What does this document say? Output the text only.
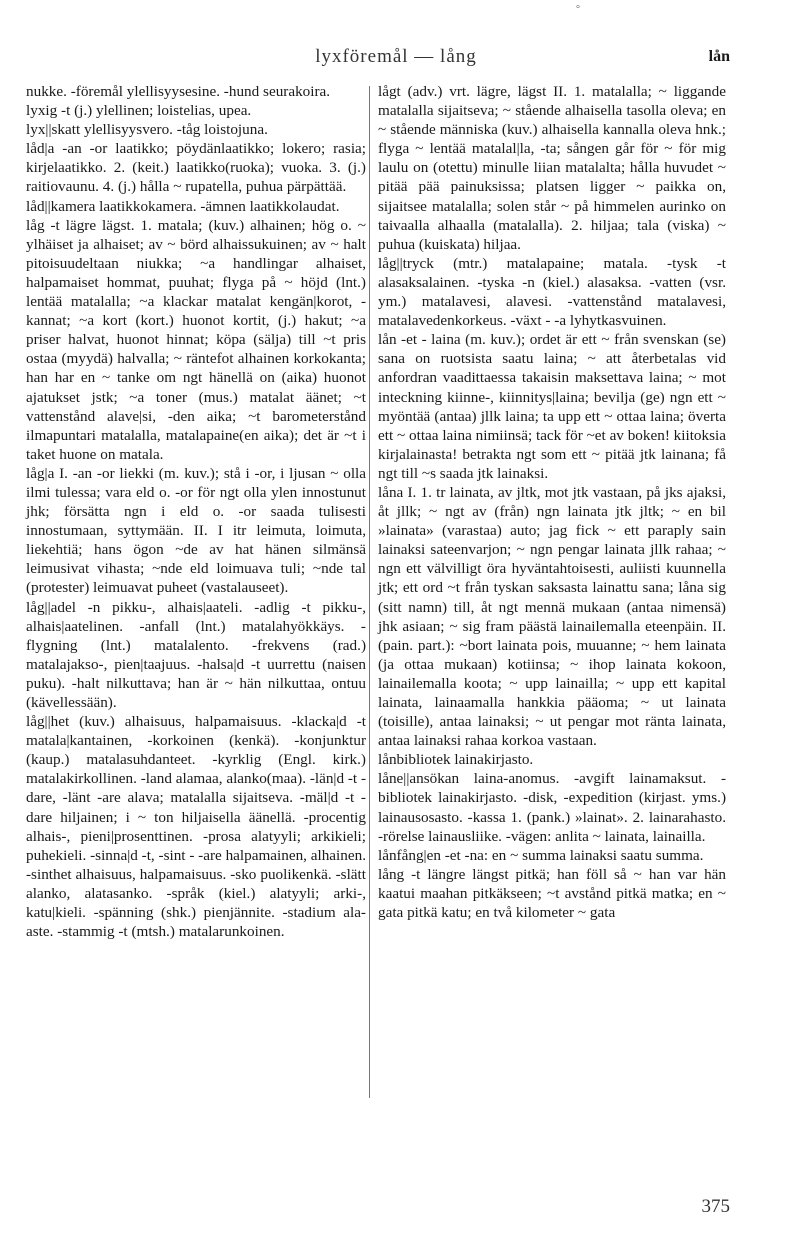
lyxföremål — lång	lån
°

nukke. -föremål ylellisyysesine. -hund seurakoira.

lyxig -t (j.) ylellinen; loistelias, upea.

lyx||skatt ylellisyysvero. -tåg loistojuna.

låd|a -an -or laatikko; pöydänlaatikko; lokero; rasia; kirjelaatikko. 2. (keit.) laatikko(ruoka); vuoka. 3. (j.) raitiovaunu. 4. (j.) hålla ~ rupatella, puhua pärpättää.

låd||kamera laatikkokamera. -ämnen laatikkolaudat.

låg -t lägre lägst. 1. matala; (kuv.) alhainen; hög o. ~ ylhäiset ja alhaiset; av ~ börd alhaissukuinen; av ~ halt pitoisuudeltaan niukka; ~a handlingar alhaiset, halpamaiset hommat, puuhat; flyga på ~ höjd (lnt.) lentää matalalla; ~a klackar matalat kengän|korot, -kannat; ~a kort (kort.) huonot kortit, (j.) hakut; ~a priser halvat, huonot hinnat; köpa (sälja) till ~t pris ostaa (myydä) halvalla; ~ räntefot alhainen korkokanta; han har en ~ tanke om ngt hänellä on (aika) huonot ajatukset jstk; ~a toner (mus.) matalat äänet; ~t vattenstånd alave|si, -den aika; ~t barometerstånd ilmapuntari matalalla, matalapaine(en aika); det är ~t i taket huone on matala.

låg|a I. -an -or liekki (m. kuv.); stå i -or, i ljusan ~ olla ilmi tulessa; vara eld o. -or för ngt olla ylen innostunut jhk; försätta ngn i eld o. -or saada tulisesti innostumaan, syttymään. II. I itr leimuta, loimuta, liekehtiä; hans ögon ~de av hat hänen silmänsä leimusivat vihasta; ~nde eld loimuava tuli; ~nde tal (protester) leimuavat puheet (vastalauseet).

låg||adel -n pikku-, alhais|aateli. -adlig -t pikku-, alhais|aatelinen. -anfall (lnt.) matalahyökkäys. -flygning (lnt.) matalalento. -frekvens (rad.) matalajakso-, pien|taajuus. -halsa|d -t uurrettu (naisen puku). -halt nilkuttava; han är ~ hän nilkuttaa, ontuu (kävellessään).

låg||het (kuv.) alhaisuus, halpamaisuus. -klacka|d -t matala|kantainen, -korkoinen (kenkä). -konjunktur (kaup.) matalasuhdanteet. -kyrklig (Engl. kirk.) matalakirkollinen. -land alamaa, alanko(maa). -län|d -t -dare, -länt -are alava; matalalla sijaitseva. -mäl|d -t -dare hiljainen; i ~ ton hiljaisella äänellä. -procentig alhais-, pieni|prosenttinen. -prosa alatyyli; arkikieli; puhekieli. -sinna|d -t, -sint - -are halpamainen, alhainen. -sinthet alhaisuus, halpamaisuus. -sko puolikenkä. -slätt alanko, alatasanko. -språk (kiel.) alatyyli; arki-, katu|kieli. -spänning (shk.) pienjännite. -stadium ala-aste. -stammig -t (mtsh.) matalarunkoinen.

lågt (adv.) vrt. lägre, lägst II. 1. matalalla; ~ liggande matalalla sijaitseva; ~ stående alhaisella tasolla oleva; en ~ stående människa (kuv.) alhaisella kannalla oleva hnk.; flyga ~ lentää matalal|la, -ta; sången går för ~ för mig laulu on (otettu) minulle liian matalalta; hålla huvudet ~ pitää pää painuksissa; platsen ligger ~ paikka on, sijaitsee matalalla; solen står ~ på himmelen aurinko on taivaalla alhaalla (matalalla). 2. hiljaa; tala (viska) ~ puhua (kuiskata) hiljaa.

låg||tryck (mtr.) matalapaine; matala. -tysk -t alasaksalainen. -tyska -n (kiel.) alasaksa. -vatten (vsr. ym.) matalavesi, alavesi. -vattenstånd matalavesi, matalavedenkorkeus. -växt - -a lyhytkasvuinen.

lån -et - laina (m. kuv.); ordet är ett ~ från svenskan (se) sana on ruotsista saatu laina; ~ att återbetalas vid anfordran vaadittaessa takaisin maksettava laina; ~ mot inteckning kiinne-, kiinnitys|laina; bevilja (ge) ngn ett ~ myöntää (antaa) jllk laina; ta upp ett ~ ottaa laina; överta ett ~ ottaa laina nimiinsä; tack för ~et av boken! kiitoksia kirjalainasta! betrakta ngt som ett ~ pitää jtk lainana; få ngt till ~s saada jtk lainaksi.

låna I. 1. tr lainata, av jltk, mot jtk vastaan, på jks ajaksi, åt jllk; ~ ngt av (från) ngn lainata jtk jltk; ~ en bil »lainata» (varastaa) auto; jag fick ~ ett paraply sain lainaksi sateenvarjon; ~ ngn pengar lainata jllk rahaa; ~ ngn ett välvilligt öra hyväntahtoisesti, auliisti kuunnella jtk; ett ord ~t från tyskan saksasta lainattu sana; låna sig (sitt namn) till, åt ngt mennä mukaan (antaa nimensä) jhk asiaan; ~ sig fram päästä lainailemalla eteenpäin. II. (pain. part.): ~bort lainata pois, muuanne; ~ hem lainata (ja ottaa mukaan) kotiinsa; ~ ihop lainata kokoon, lainailemalla koota; ~ upp lainailla; ~ upp ett kapital lainata, lainaamalla hankkia pääoma; ~ ut lainata (toisille), antaa lainaksi; ~ ut pengar mot ränta lainata, antaa lainaksi rahaa korkoa vastaan.

lånbibliotek lainakirjasto.

låne||ansökan laina-anomus. -avgift lainamaksut. -bibliotek lainakirjasto. -disk, -expedition (kirjast. yms.) lainausosasto. -kassa 1. (pank.) »lainat». 2. lainarahasto. -rörelse lainausliike. -vägen: anlita ~ lainata, lainailla.

lånfång|en -et -na: en ~ summa lainaksi saatu summa.

lång -t längre längst pitkä; han föll så ~ han var hän kaatui maahan pitkäkseen; ~t avstånd pitkä matka; en ~ gata pitkä katu; en två kilometer ~ gata

375
